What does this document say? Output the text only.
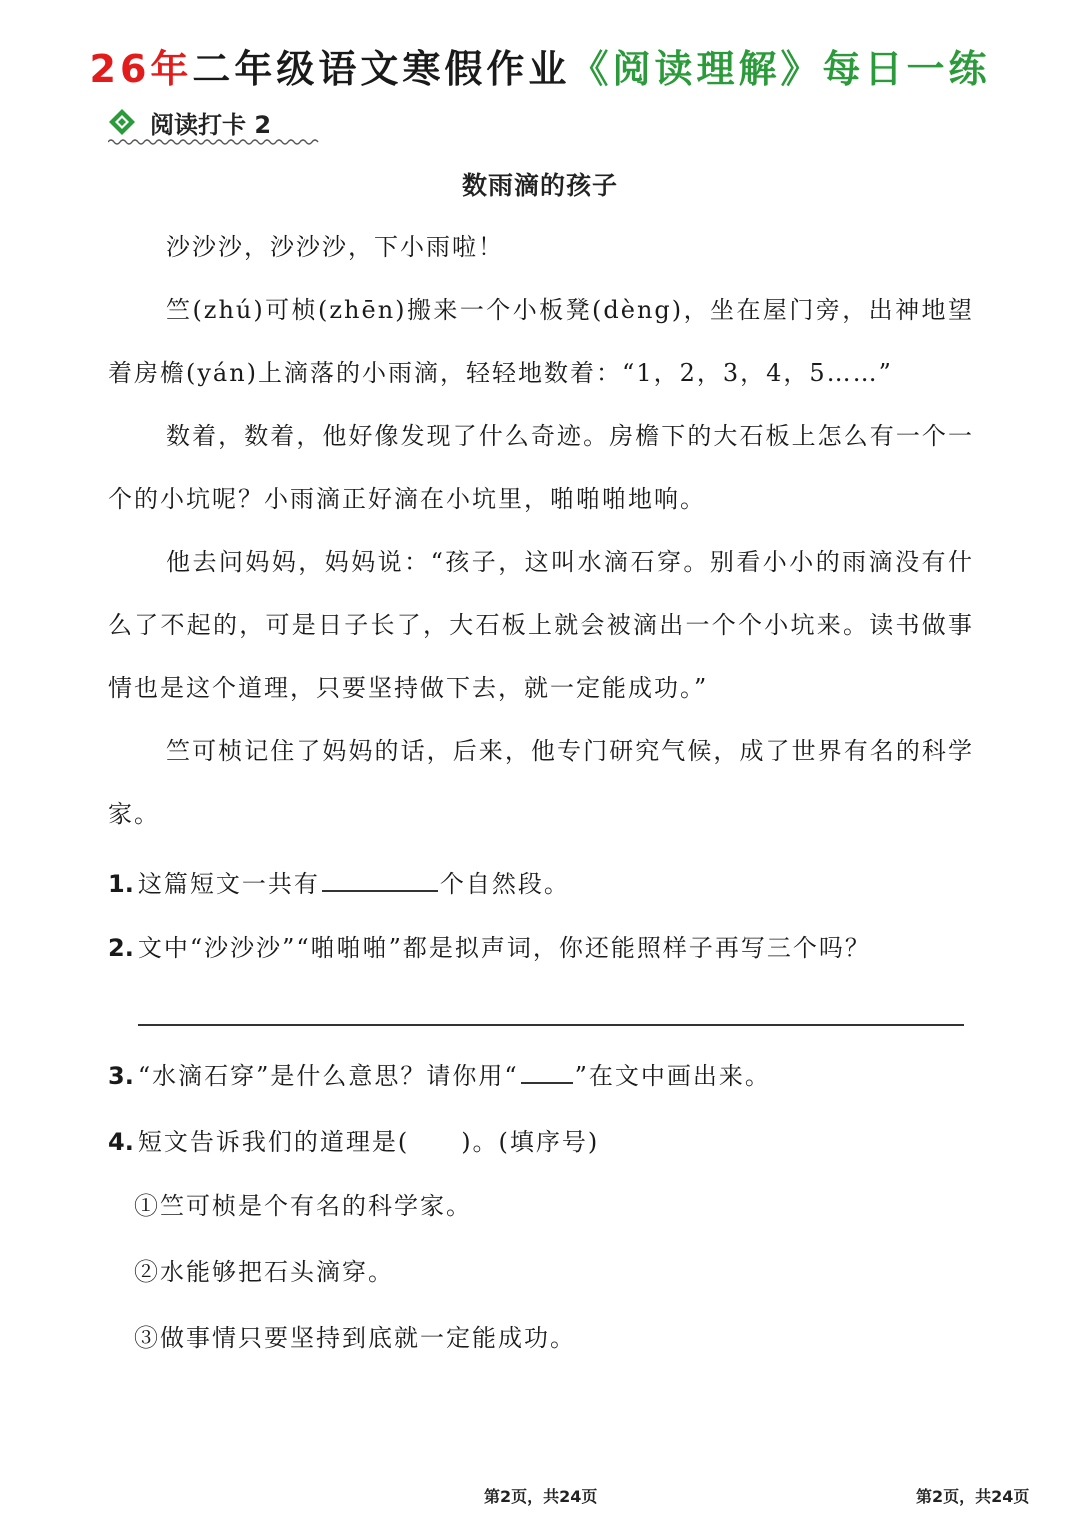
26年二年级语文寒假作业《阅读理解》每日一练
阅读打卡 2
数雨滴的孩子

沙沙沙，沙沙沙，下小雨啦！

竺(zhú)可桢(zhēn)搬来一个小板凳(dèng)，坐在屋门旁，出神地望着房檐(yán)上滴落的小雨滴，轻轻地数着：“1，2，3，4，5……”

数着，数着，他好像发现了什么奇迹。房檐下的大石板上怎么有一个一个的小坑呢？小雨滴正好滴在小坑里，啪啪啪地响。

他去问妈妈，妈妈说：“孩子，这叫水滴石穿。别看小小的雨滴没有什么了不起的，可是日子长了，大石板上就会被滴出一个个小坑来。读书做事情也是这个道理，只要坚持做下去，就一定能成功。”

竺可桢记住了妈妈的话，后来，他专门研究气候，成了世界有名的科学家。

1. 这篇短文一共有	个自然段。
2. 文中“沙沙沙”“啪啪啪”都是拟声词，你还能照样子再写三个吗？
3. “水滴石穿”是什么意思？请你用“ ”在文中画出来。
4. 短文告诉我们的道理是(　　)。(填序号)
①竺可桢是个有名的科学家。
②水能够把石头滴穿。
③做事情只要坚持到底就一定能成功。
第2页，共24页	第2页，共24页
